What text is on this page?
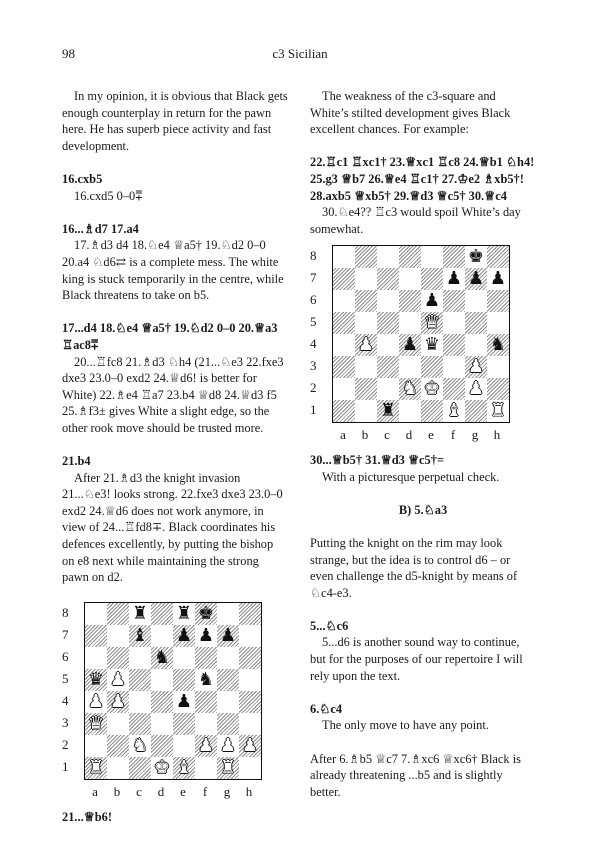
98	c3 Sicilian

In my opinion, it is obvious that Black gets enough counterplay in return for the pawn here. He has superb piece activity and fast development.

16.cxb5

16.cxd5 0–0⩱

16...♗d7 17.a4

17.♗d3 d4 18.♘e4 ♕a5† 19.♘d2 0–0 20.a4 ♘d6⇄ is a complete mess. The white king is stuck temporarily in the centre, while Black threatens to take on b5.

17...d4 18.♘e4 ♕a5† 19.♘d2 0–0 20.♕a3 ♖ac8⩱

20...♖fc8 21.♗d3 ♘h4 (21...♘e3 22.fxe3 dxe3 23.0–0 exd2 24.♕d6! is better for White) 22.♗e4 ♖a7 23.b4 ♕d8 24.♕d3 f5 25.♗f3± gives White a slight edge, so the other rook move should be trusted more.

21.b4

After 21.♗d3 the knight invasion 21...♘e3! looks strong. 22.fxe3 dxe3 23.0–0 exd2 24.♕d6 does not work anymore, in view of 24...♖fd8∓. Black coordinates his defences excellently, by putting the bishop on e8 next while maintaining the strong pawn on d2.

8
7
6
5
4
3
2
1
♜ ♜ ♚
♝ ♟ ♟ ♟
♞
♛ ♟	♞
♟ ♟	♟
♛
♞	♟ ♟ ♟
♜	♚ ♝ ♜
a	b	c	d	e	f	g	h

21...♕b6!

The weakness of the c3-square and White’s stilted development gives Black excellent chances. For example:

22.♖c1 ♖xc1† 23.♕xc1 ♖c8 24.♕b1 ♘h4! 25.g3 ♕b7 26.♕e4 ♖c1† 27.♔e2 ♗xb5†! 28.axb5 ♕xb5† 29.♕d3 ♕c5† 30.♕c4

30.♘e4?? ♖c3 would spoil White’s day somewhat.

8
7
6
5
4
3
2
1
♚
♟ ♟ ♟
♟
♛
♟ ♟ ♛	♞
♟
♞ ♚ ♟
♜	♝ ♜
a	b	c	d	e	f	g	h

30...♕b5† 31.♕d3 ♕c5†=

With a picturesque perpetual check.

B) 5.♘a3

Putting the knight on the rim may look strange, but the idea is to control d6 – or even challenge the d5-knight by means of ♘c4-e3.

5...♘c6

5...d6 is another sound way to continue, but for the purposes of our repertoire I will rely upon the text.

6.♘c4

The only move to have any point.

After 6.♗b5 ♕c7 7.♗xc6 ♕xc6† Black is already threatening ...b5 and is slightly better.
